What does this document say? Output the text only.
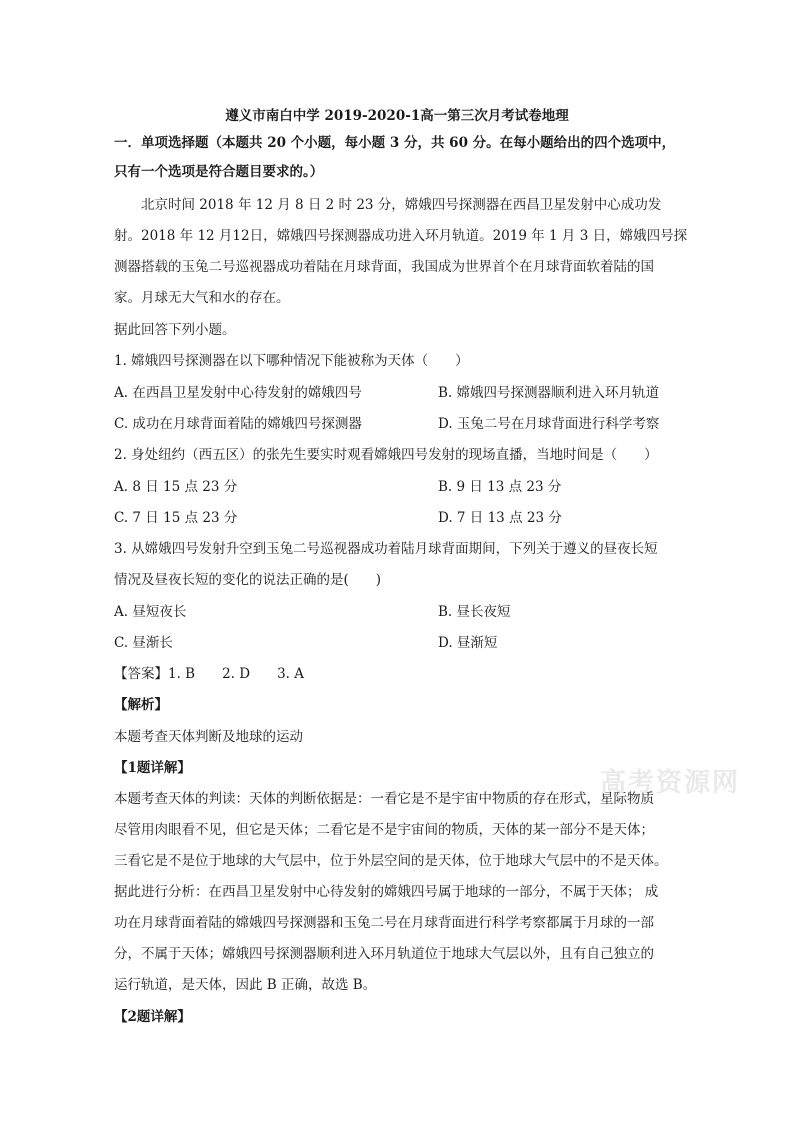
遵义市南白中学 2019-2020-1高一第三次月考试卷地理
一．单项选择题（本题共 20 个小题，每小题 3 分，共 60 分。在每小题给出的四个选项中，
只有一个选项是符合题目要求的。）
北京时间 2018 年 12 月 8 日 2 时 23 分，嫦娥四号探测器在西昌卫星发射中心成功发
射。2018 年 12 月12日，嫦娥四号探测器成功进入环月轨道。2019 年 1 月 3 日，嫦娥四号探
测器搭载的玉兔二号巡视器成功着陆在月球背面，我国成为世界首个在月球背面软着陆的国
家。月球无大气和水的存在。
据此回答下列小题。
1. 嫦娥四号探测器在以下哪种情况下能被称为天体（　　）
A. 在西昌卫星发射中心待发射的嫦娥四号	B. 嫦娥四号探测器顺利进入环月轨道
C. 成功在月球背面着陆的嫦娥四号探测器	D. 玉兔二号在月球背面进行科学考察
2. 身处纽约（西五区）的张先生要实时观看嫦娥四号发射的现场直播，当地时间是（　　）
A. 8 日 15 点 23 分	B. 9 日 13 点 23 分
C. 7 日 15 点 23 分	D. 7 日 13 点 23 分
3. 从嫦娥四号发射升空到玉兔二号巡视器成功着陆月球背面期间，下列关于遵义的昼夜长短
情况及昼夜长短的变化的说法正确的是(　　)
A. 昼短夜长	B. 昼长夜短
C. 昼渐长	D. 昼渐短
【答案】1. B　　2. D　　3. A
【解析】
本题考查天体判断及地球的运动
【1题详解】
本题考查天体的判读：天体的判断依据是：一看它是不是宇宙中物质的存在形式，星际物质
尽管用肉眼看不见，但它是天体；二看它是不是宇宙间的物质，天体的某一部分不是天体；
三看它是不是位于地球的大气层中，位于外层空间的是天体，位于地球大气层中的不是天体。
据此进行分析：在西昌卫星发射中心待发射的嫦娥四号属于地球的一部分，不属于天体； 成
功在月球背面着陆的嫦娥四号探测器和玉兔二号在月球背面进行科学考察都属于月球的一部
分，不属于天体；嫦娥四号探测器顺利进入环月轨道位于地球大气层以外，且有自己独立的
运行轨道，是天体，因此 B 正确，故选 B。
【2题详解】
高考资源网
